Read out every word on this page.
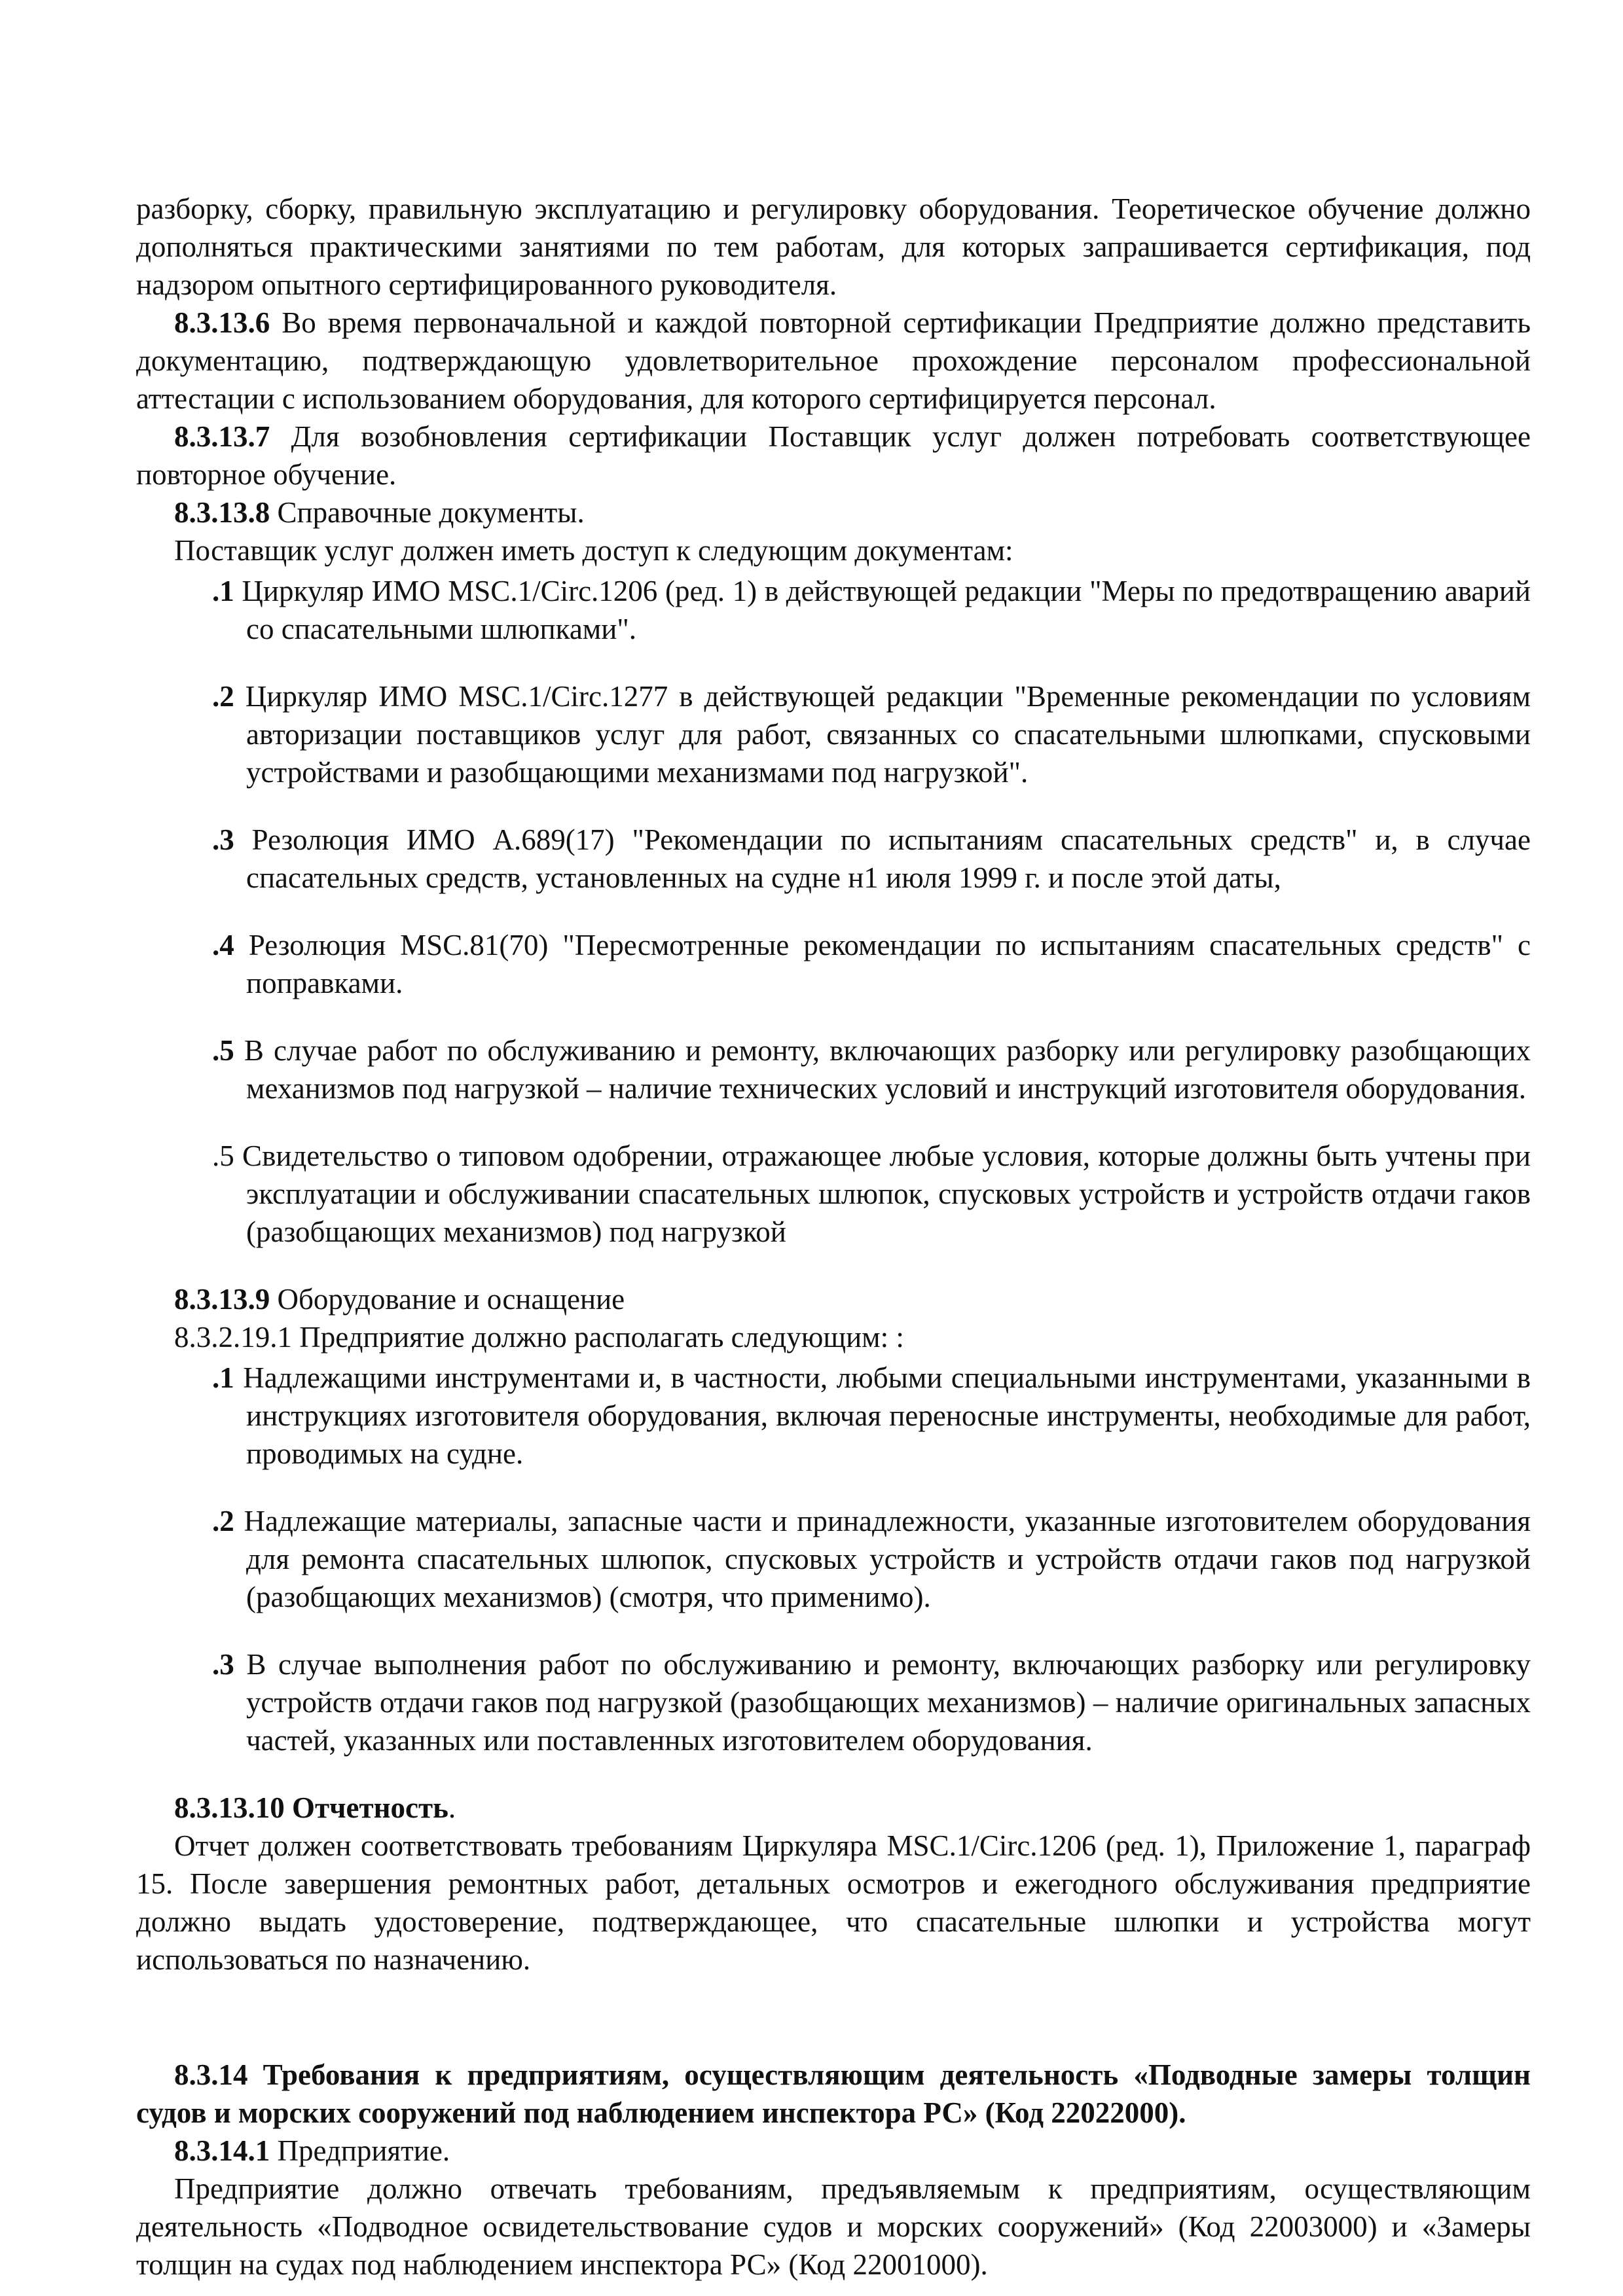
разборку, сборку, правильную эксплуатацию и регулировку оборудования. Теоретическое обучение должно дополняться практическими занятиями по тем работам, для которых запрашивается сертификация, под надзором опытного сертифицированного руководителя.

8.3.13.6 Во время первоначальной и каждой повторной сертификации Предприятие должно представить документацию, подтверждающую удовлетворительное прохождение персоналом профессиональной аттестации с использованием оборудования, для которого сертифицируется персонал.

8.3.13.7 Для возобновления сертификации Поставщик услуг должен потребовать соответствующее повторное обучение.

8.3.13.8 Справочные документы.

Поставщик услуг должен иметь доступ к следующим документам:

.1 Циркуляр ИМО MSC.1/Circ.1206 (ред. 1) в действующей редакции "Меры по предотвращению аварий со спасательными шлюпками".

.2 Циркуляр ИМО MSC.1/Circ.1277 в действующей редакции "Временные рекомендации по условиям авторизации поставщиков услуг для работ, связанных со спасательными шлюпками, спусковыми устройствами и разобщающими механизмами под нагрузкой".

.3 Резолюция ИМО A.689(17) "Рекомендации по испытаниям спасательных средств" и, в случае спасательных средств, установленных на судне н1 июля 1999 г. и после этой даты,

.4 Резолюция MSC.81(70) "Пересмотренные рекомендации по испытаниям спасательных средств" с поправками.

.5 В случае работ по обслуживанию и ремонту, включающих разборку или регулировку разобщающих механизмов под нагрузкой – наличие технических условий и инструкций изготовителя оборудования.

.5 Свидетельство о типовом одобрении, отражающее любые условия, которые должны быть учтены при эксплуатации и обслуживании спасательных шлюпок, спусковых устройств и устройств отдачи гаков (разобщающих механизмов) под нагрузкой

8.3.13.9 Оборудование и оснащение

8.3.2.19.1 Предприятие должно располагать следующим: :

.1 Надлежащими инструментами и, в частности, любыми специальными инструментами, указанными в инструкциях изготовителя оборудования, включая переносные инструменты, необходимые для работ, проводимых на судне.

.2 Надлежащие материалы, запасные части и принадлежности, указанные изготовителем оборудования для ремонта спасательных шлюпок, спусковых устройств и устройств отдачи гаков под нагрузкой (разобщающих механизмов) (смотря, что применимо).

.3 В случае выполнения работ по обслуживанию и ремонту, включающих разборку или регулировку устройств отдачи гаков под нагрузкой (разобщающих механизмов) – наличие оригинальных запасных частей, указанных или поставленных изготовителем оборудования.

8.3.13.10 Отчетность.

Отчет должен соответствовать требованиям Циркуляра MSC.1/Circ.1206 (ред. 1), Приложение 1, параграф 15. После завершения ремонтных работ, детальных осмотров и ежегодного обслуживания предприятие должно выдать удостоверение, подтверждающее, что спасательные шлюпки и устройства могут использоваться по назначению.

8.3.14 Требования к предприятиям, осуществляющим деятельность «Подводные замеры толщин судов и морских сооружений под наблюдением инспектора РС» (Код 22022000).

8.3.14.1 Предприятие.

Предприятие должно отвечать требованиям, предъявляемым к предприятиям, осуществляющим деятельность «Подводное освидетельствование судов и морских сооружений» (Код 22003000) и «Замеры толщин на судах под наблюдением инспектора РС» (Код 22001000).
